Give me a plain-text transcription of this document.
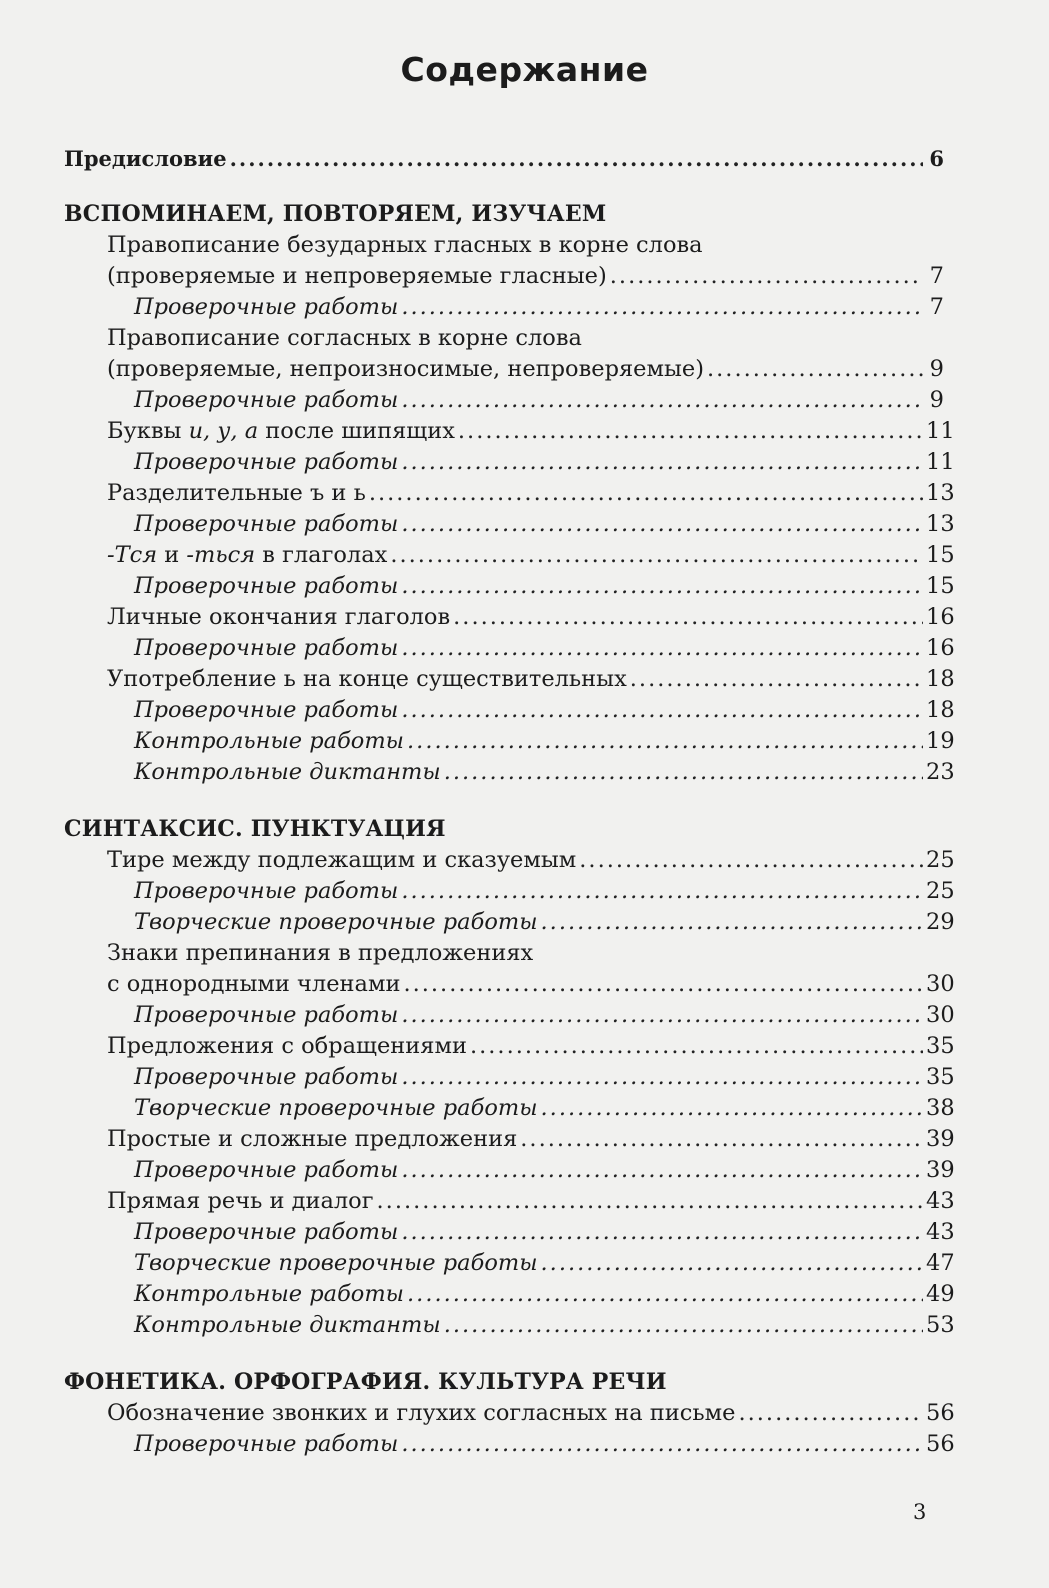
Содержание
Предисловие .....	6
ВСПОМИНАЕМ, ПОВТОРЯЕМ, ИЗУЧАЕМ
Правописание безударных гласных в корне слова
(проверяемые и непроверяемые гласные) .....	7
Проверочные работы .....	7
Правописание согласных в корне слова
(проверяемые, непроизносимые, непроверяемые) .....	9
Проверочные работы .....	9
Буквы и, у, а после шипящих .....	11
Проверочные работы .....	11
Разделительные ъ и ь .....	13
Проверочные работы .....	13
-Тся и -ться в глаголах .....	15
Проверочные работы .....	15
Личные окончания глаголов .....	16
Проверочные работы .....	16
Употребление ь на конце существительных .....	18
Проверочные работы .....	18
Контрольные работы .....	19
Контрольные диктанты .....	23
СИНТАКСИС. ПУНКТУАЦИЯ
Тире между подлежащим и сказуемым .....	25
Проверочные работы .....	25
Творческие проверочные работы .....	29
Знаки препинания в предложениях
с однородными членами .....	30
Проверочные работы .....	30
Предложения с обращениями .....	35
Проверочные работы .....	35
Творческие проверочные работы .....	38
Простые и сложные предложения .....	39
Проверочные работы .....	39
Прямая речь и диалог .....	43
Проверочные работы .....	43
Творческие проверочные работы .....	47
Контрольные работы .....	49
Контрольные диктанты .....	53
ФОНЕТИКА. ОРФОГРАФИЯ. КУЛЬТУРА РЕЧИ
Обозначение звонких и глухих согласных на письме .....	56
Проверочные работы .....	56
3
